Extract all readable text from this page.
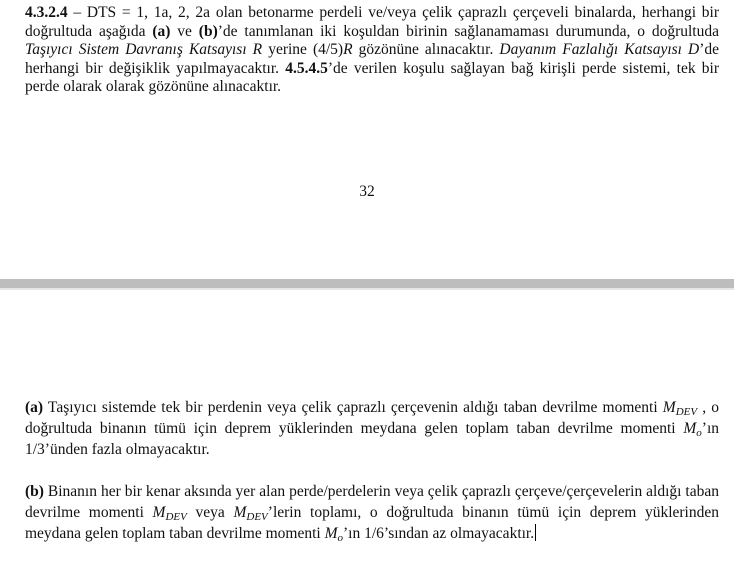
4.3.2.4 – DTS = 1, 1a, 2, 2a olan betonarme perdeli ve/veya çelik çaprazlı çerçeveli binalarda, herhangi bir doğrultuda aşağıda (a) ve (b)’de tanımlanan iki koşuldan birinin sağlanamaması durumunda, o doğrultuda Taşıyıcı Sistem Davranış Katsayısı R yerine (4/5)R gözönüne alınacaktır. Dayanım Fazlalığı Katsayısı D’de herhangi bir değişiklik yapılmayacaktır. 4.5.4.5’de verilen koşulu sağlayan bağ kirişli perde sistemi, tek bir perde olarak olarak gözönüne alınacaktır.

32

(a) Taşıyıcı sistemde tek bir perdenin veya çelik çaprazlı çerçevenin aldığı taban devrilme momenti $M_{DEV}$ , o doğrultuda binanın tümü için deprem yüklerinden meydana gelen toplam taban devrilme momenti $M_o’ın$ 1/3’ünden fazla olmayacaktır.

(b) Binanın her bir kenar aksında yer alan perde/perdelerin veya çelik çaprazlı çerçeve/çerçevelerin aldığı taban devrilme momenti $M_{DEV}$ veya $M_{DEV}’lerin$ toplamı, o doğrultuda binanın tümü için deprem yüklerinden meydana gelen toplam taban devrilme momenti $M_o’ın$ 1/6’sından az olmayacaktır.
